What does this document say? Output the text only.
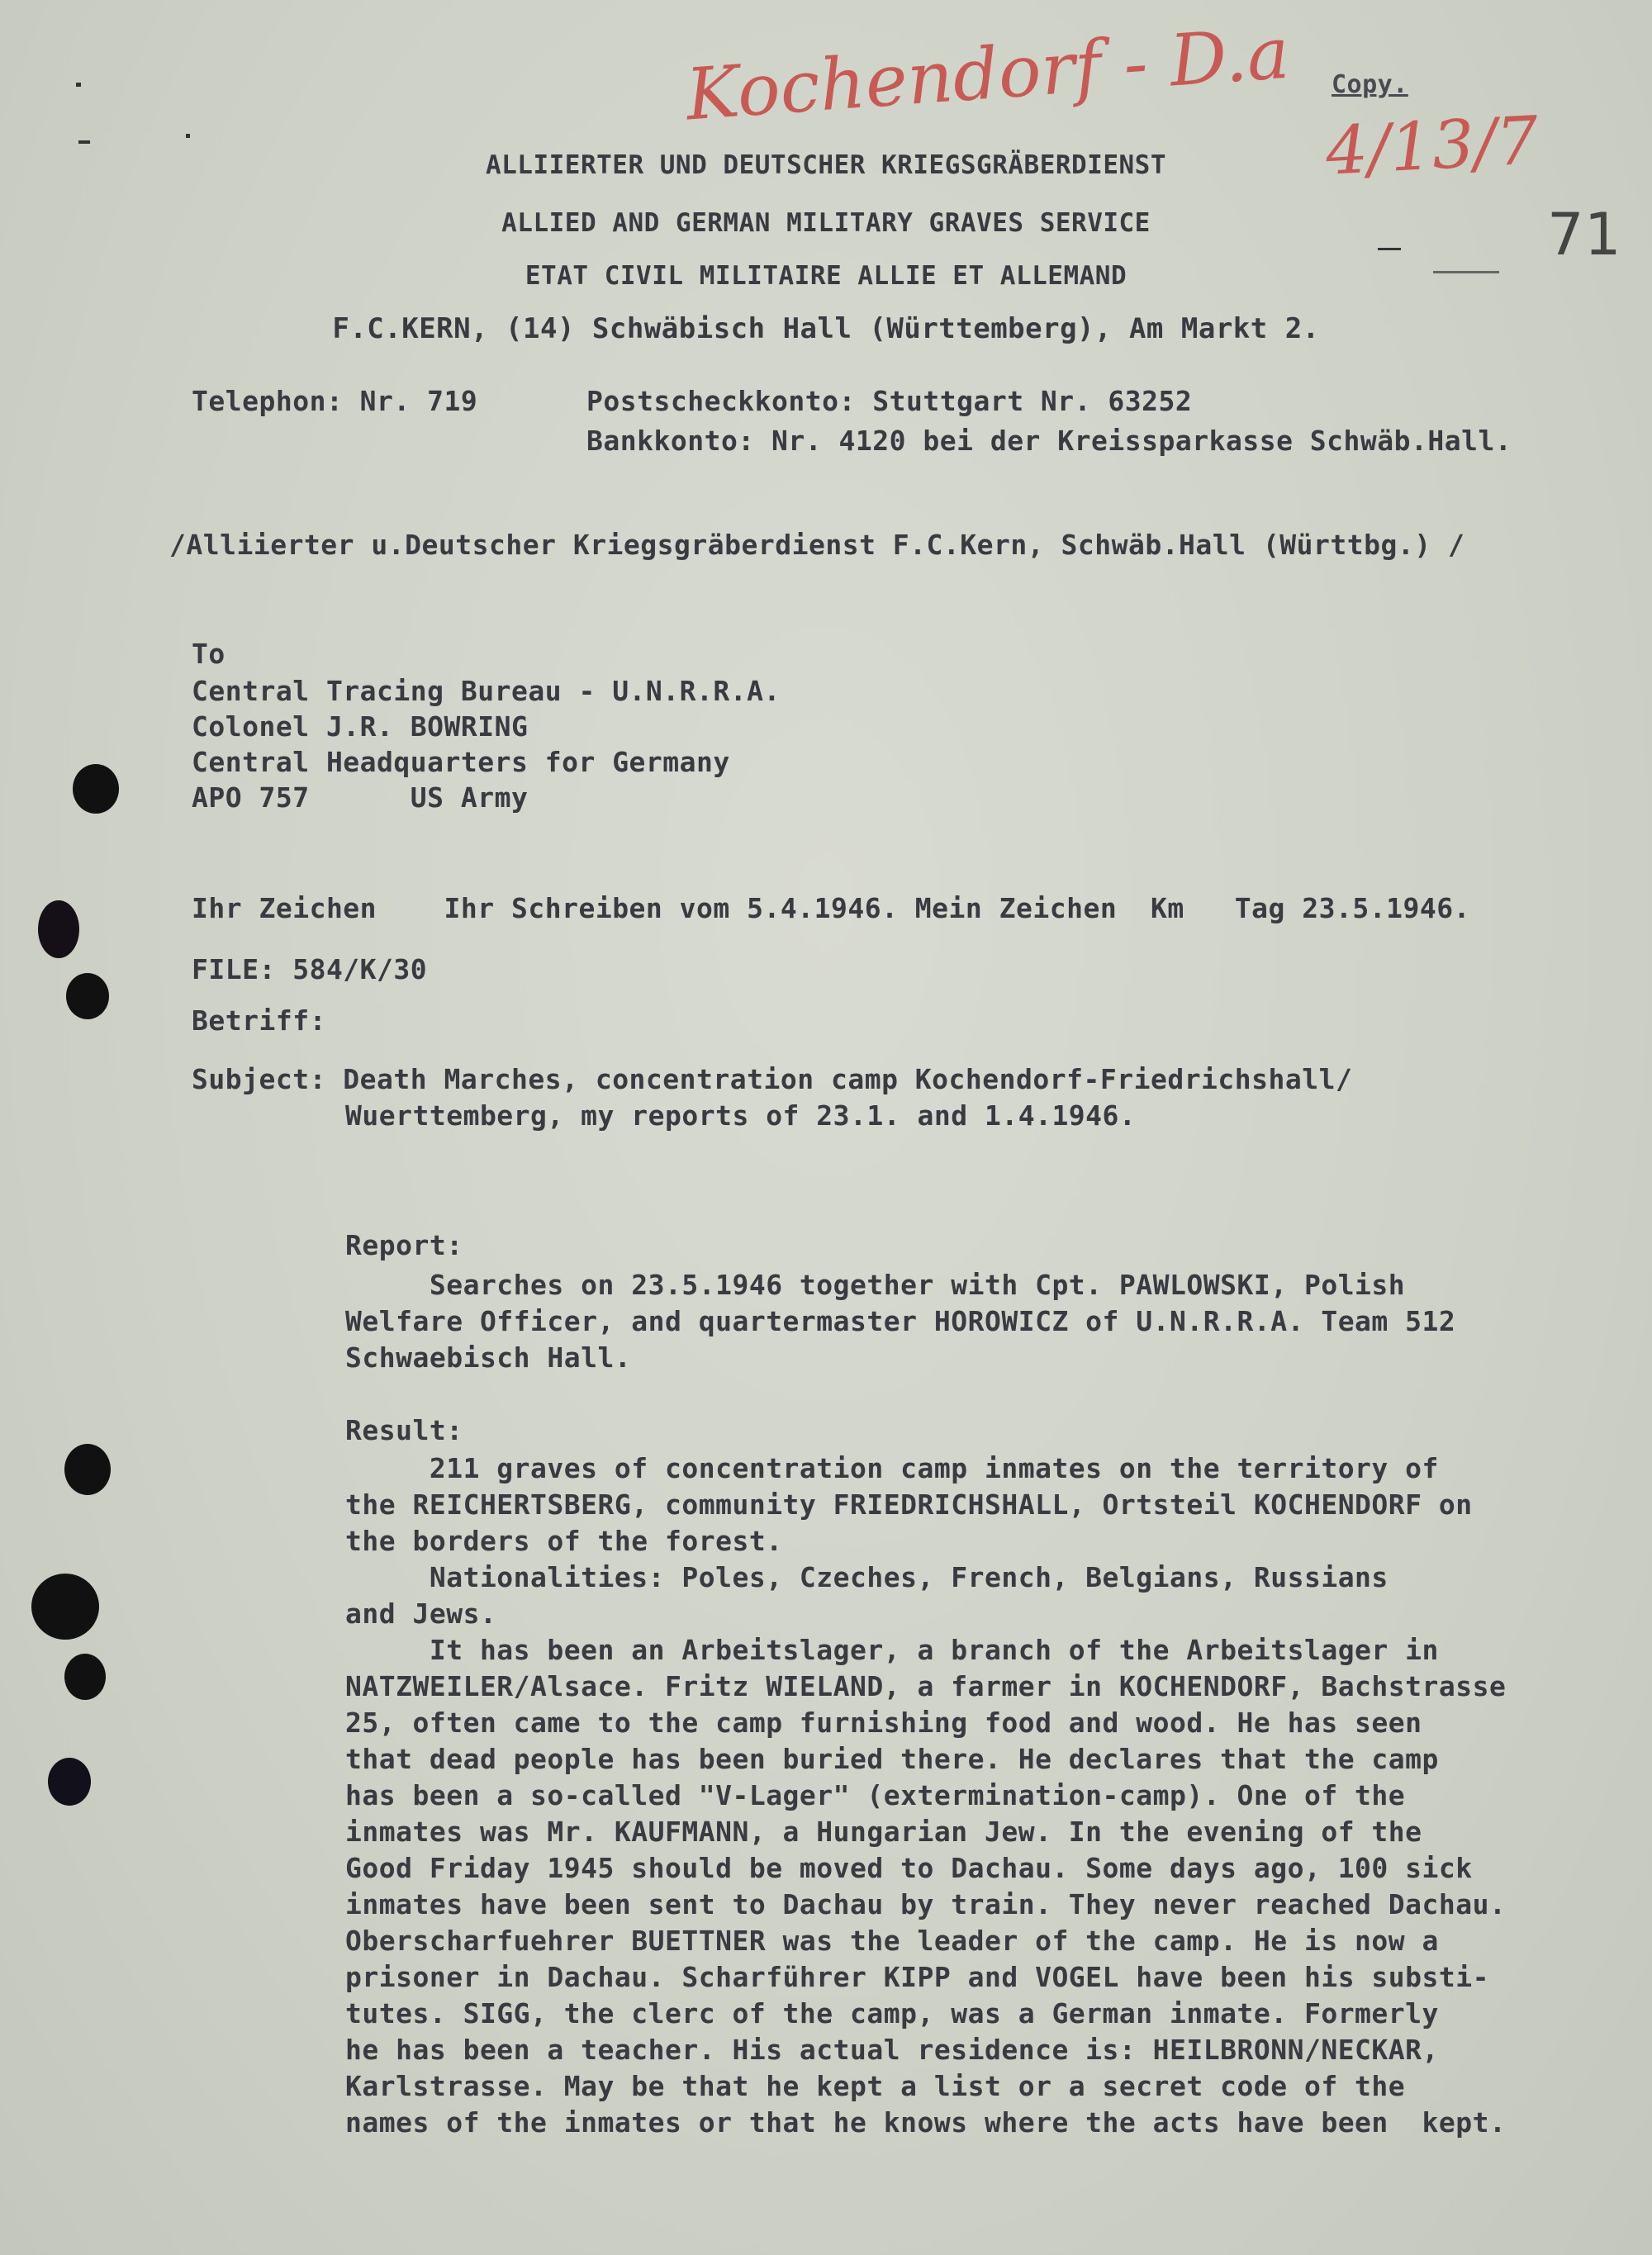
Kochendorf - D.a
4/13/7
Copy.
71
ALLIIERTER UND DEUTSCHER KRIEGSGRÄBERDIENST
ALLIED AND GERMAN MILITARY GRAVES SERVICE
ETAT CIVIL MILITAIRE ALLIE ET ALLEMAND
F.C.KERN, (14) Schwäbisch Hall (Württemberg), Am Markt 2.
Telephon: Nr. 719	Postscheckkonto: Stuttgart Nr. 63252
Bankkonto: Nr. 4120 bei der Kreissparkasse Schwäb.Hall.
/Alliierter u.Deutscher Kriegsgräberdienst F.C.Kern, Schwäb.Hall (Württbg.) /
To
Central Tracing Bureau - U.N.R.R.A.
Colonel J.R. BOWRING
Central Headquarters for Germany
APO 757      US Army
Ihr Zeichen    Ihr Schreiben vom 5.4.1946. Mein Zeichen  Km   Tag 23.5.1946.
FILE: 584/K/30
Betriff:
Subject: Death Marches, concentration camp Kochendorf-Friedrichshall/
Wuerttemberg, my reports of 23.1. and 1.4.1946.
Report:
Searches on 23.5.1946 together with Cpt. PAWLOWSKI, Polish
Welfare Officer, and quartermaster HOROWICZ of U.N.R.R.A. Team 512
Schwaebisch Hall.
Result:
211 graves of concentration camp inmates on the territory of
the REICHERTSBERG, community FRIEDRICHSHALL, Ortsteil KOCHENDORF on
the borders of the forest.
Nationalities: Poles, Czeches, French, Belgians, Russians
and Jews.
It has been an Arbeitslager, a branch of the Arbeitslager in
NATZWEILER/Alsace. Fritz WIELAND, a farmer in KOCHENDORF, Bachstrasse
25, often came to the camp furnishing food and wood. He has seen
that dead people has been buried there. He declares that the camp
has been a so-called "V-Lager" (extermination-camp). One of the
inmates was Mr. KAUFMANN, a Hungarian Jew. In the evening of the
Good Friday 1945 should be moved to Dachau. Some days ago, 100 sick
inmates have been sent to Dachau by train. They never reached Dachau.
Oberscharfuehrer BUETTNER was the leader of the camp. He is now a
prisoner in Dachau. Scharführer KIPP and VOGEL have been his substi-
tutes. SIGG, the clerc of the camp, was a German inmate. Formerly
he has been a teacher. His actual residence is: HEILBRONN/NECKAR,
Karlstrasse. May be that he kept a list or a secret code of the
names of the inmates or that he knows where the acts have been  kept.
